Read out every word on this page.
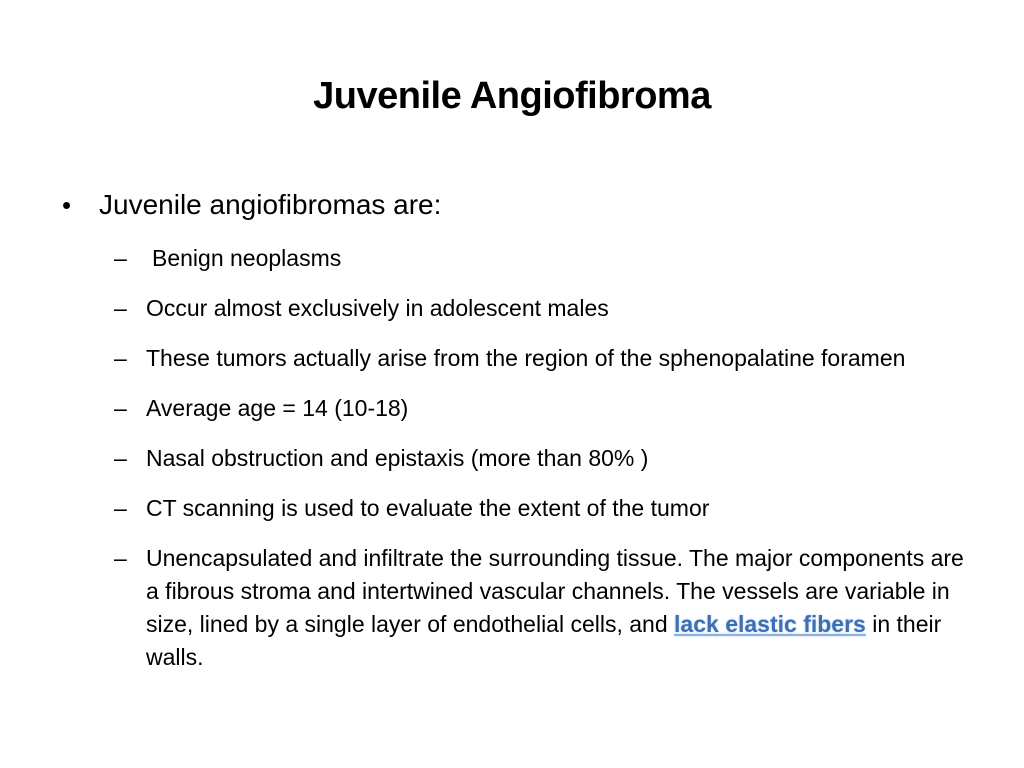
Juvenile Angiofibroma
• Juvenile angiofibromas are:
– Benign neoplasms
– Occur almost exclusively in adolescent males
– These tumors actually arise from the region of the sphenopalatine foramen
– Average age = 14 (10-18)
– Nasal obstruction and epistaxis (more than 80% )
– CT scanning is used to evaluate the extent of the tumor
– Unencapsulated and infiltrate the surrounding tissue. The major components are a fibrous stroma and intertwined vascular channels. The vessels are variable in size, lined by a single layer of endothelial cells, and lack elastic fibers in their walls.
